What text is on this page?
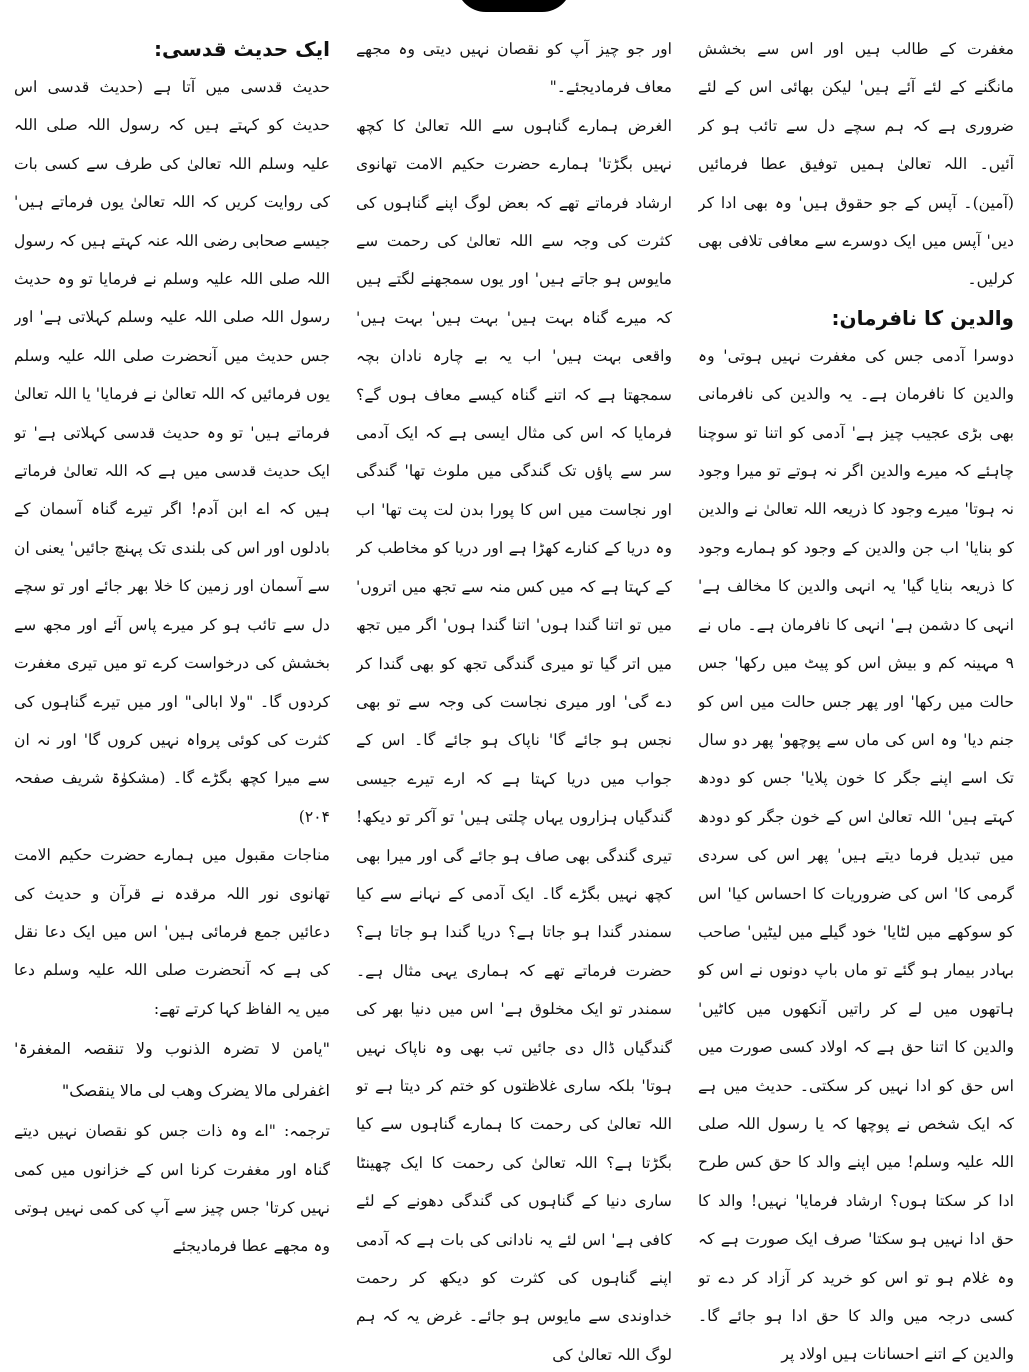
ایک حدیث قدسی:

حدیث قدسی میں آتا ہے (حدیث قدسی اس حدیث کو کہتے ہیں کہ رسول اللہ صلی اللہ علیہ وسلم اللہ تعالیٰ کی طرف سے کسی بات کی روایت کریں کہ اللہ تعالیٰ یوں فرماتے ہیں' جیسے صحابی رضی اللہ عنہ کہتے ہیں کہ رسول اللہ صلی اللہ علیہ وسلم نے فرمایا تو وہ حدیث رسول اللہ صلی اللہ علیہ وسلم کہلاتی ہے' اور جس حدیث میں آنحضرت صلی اللہ علیہ وسلم یوں فرمائیں کہ اللہ تعالیٰ نے فرمایا' یا اللہ تعالیٰ فرماتے ہیں' تو وہ حدیث قدسی کہلاتی ہے' تو ایک حدیث قدسی میں ہے کہ اللہ تعالیٰ فرماتے ہیں کہ اے ابن آدم! اگر تیرے گناہ آسمان کے بادلوں اور اس کی بلندی تک پہنچ جائیں' یعنی ان سے آسمان اور زمین کا خلا بھر جائے اور تو سچے دل سے تائب ہو کر میرے پاس آئے اور مجھ سے بخشش کی درخواست کرے تو میں تیری مغفرت کردوں گا۔ "ولا ابالی" اور میں تیرے گناہوں کی کثرت کی کوئی پرواہ نہیں کروں گا' اور نہ ان سے میرا کچھ بگڑے گا۔ (مشکوٰۃ شریف صفحہ ۲۰۴)

مناجات مقبول میں ہمارے حضرت حکیم الامت تھانوی نور اللہ مرقدہ نے قرآن و حدیث کی دعائیں جمع فرمائی ہیں' اس میں ایک دعا نقل کی ہے کہ آنحضرت صلی اللہ علیہ وسلم دعا میں یہ الفاظ کہا کرتے تھے:

"یامن لا تضرہ الذنوب ولا تنقصہ المغفرۃ' اغفرلی مالا یضرک وھب لی مالا ینقصک"

ترجمہ: "اے وہ ذات جس کو نقصان نہیں دیتے گناہ اور مغفرت کرنا اس کے خزانوں میں کمی نہیں کرتا' جس چیز سے آپ کی کمی نہیں ہوتی وہ مجھے عطا فرمادیجئے

اور جو چیز آپ کو نقصان نہیں دیتی وہ مجھے معاف فرمادیجئے۔"

الغرض ہمارے گناہوں سے اللہ تعالیٰ کا کچھ نہیں بگڑتا' ہمارے حضرت حکیم الامت تھانوی ارشاد فرماتے تھے کہ بعض لوگ اپنے گناہوں کی کثرت کی وجہ سے اللہ تعالیٰ کی رحمت سے مایوس ہو جاتے ہیں' اور یوں سمجھنے لگتے ہیں کہ میرے گناہ بہت ہیں' بہت ہیں' بہت ہیں' واقعی بہت ہیں' اب یہ بے چارہ نادان بچہ سمجھتا ہے کہ اتنے گناہ کیسے معاف ہوں گے؟ فرمایا کہ اس کی مثال ایسی ہے کہ ایک آدمی سر سے پاؤں تک گندگی میں ملوث تھا' گندگی اور نجاست میں اس کا پورا بدن لت پت تھا' اب وہ دریا کے کنارے کھڑا ہے اور دریا کو مخاطب کر کے کہتا ہے کہ میں کس منہ سے تجھ میں اتروں' میں تو اتنا گندا ہوں' اتنا گندا ہوں' اگر میں تجھ میں اتر گیا تو میری گندگی تجھ کو بھی گندا کر دے گی' اور میری نجاست کی وجہ سے تو بھی نجس ہو جائے گا' ناپاک ہو جائے گا۔ اس کے جواب میں دریا کہتا ہے کہ ارے تیرے جیسی گندگیاں ہزاروں یہاں چلتی ہیں' تو آکر تو دیکھ! تیری گندگی بھی صاف ہو جائے گی اور میرا بھی کچھ نہیں بگڑے گا۔ ایک آدمی کے نہانے سے کیا سمندر گندا ہو جاتا ہے؟ دریا گندا ہو جاتا ہے؟ حضرت فرماتے تھے کہ ہماری یہی مثال ہے۔ سمندر تو ایک مخلوق ہے' اس میں دنیا بھر کی گندگیاں ڈال دی جائیں تب بھی وہ ناپاک نہیں ہوتا' بلکہ ساری غلاظتوں کو ختم کر دیتا ہے تو اللہ تعالیٰ کی رحمت کا ہمارے گناہوں سے کیا بگڑتا ہے؟ اللہ تعالیٰ کی رحمت کا ایک چھینٹا ساری دنیا کے گناہوں کی گندگی دھونے کے لئے کافی ہے' اس لئے یہ نادانی کی بات ہے کہ آدمی اپنے گناہوں کی کثرت کو دیکھ کر رحمت خداوندی سے مایوس ہو جائے۔ غرض یہ کہ ہم لوگ اللہ تعالیٰ کی

مغفرت کے طالب ہیں اور اس سے بخشش مانگنے کے لئے آئے ہیں' لیکن بھائی اس کے لئے ضروری ہے کہ ہم سچے دل سے تائب ہو کر آئیں۔ اللہ تعالیٰ ہمیں توفیق عطا فرمائیں (آمین)۔ آپس کے جو حقوق ہیں' وہ بھی ادا کر دیں' آپس میں ایک دوسرے سے معافی تلافی بھی کرلیں۔

والدین کا نافرمان:

دوسرا آدمی جس کی مغفرت نہیں ہوتی' وہ والدین کا نافرمان ہے۔ یہ والدین کی نافرمانی بھی بڑی عجیب چیز ہے' آدمی کو اتنا تو سوچنا چاہئے کہ میرے والدین اگر نہ ہوتے تو میرا وجود نہ ہوتا' میرے وجود کا ذریعہ اللہ تعالیٰ نے والدین کو بنایا' اب جن والدین کے وجود کو ہمارے وجود کا ذریعہ بنایا گیا' یہ انہی والدین کا مخالف ہے' انہی کا دشمن ہے' انہی کا نافرمان ہے۔ ماں نے ۹ مہینہ کم و بیش اس کو پیٹ میں رکھا' جس حالت میں رکھا' اور پھر جس حالت میں اس کو جنم دیا' وہ اس کی ماں سے پوچھو' پھر دو سال تک اسے اپنے جگر کا خون پلایا' جس کو دودھ کہتے ہیں' اللہ تعالیٰ اس کے خون جگر کو دودھ میں تبدیل فرما دیتے ہیں' پھر اس کی سردی گرمی کا' اس کی ضروریات کا احساس کیا' اس کو سوکھے میں لٹایا' خود گیلے میں لیٹیں' صاحب بہادر بیمار ہو گئے تو ماں باپ دونوں نے اس کو ہاتھوں میں لے کر راتیں آنکھوں میں کاٹیں' والدین کا اتنا حق ہے کہ اولاد کسی صورت میں اس حق کو ادا نہیں کر سکتی۔ حدیث میں ہے کہ ایک شخص نے پوچھا کہ یا رسول اللہ صلی اللہ علیہ وسلم! میں اپنے والد کا حق کس طرح ادا کر سکتا ہوں؟ ارشاد فرمایا' نہیں! والد کا حق ادا نہیں ہو سکتا' صرف ایک صورت ہے کہ وہ غلام ہو تو اس کو خرید کر آزاد کر دے تو کسی درجہ میں والد کا حق ادا ہو جائے گا۔ والدین کے اتنے احسانات ہیں اولاد پر
